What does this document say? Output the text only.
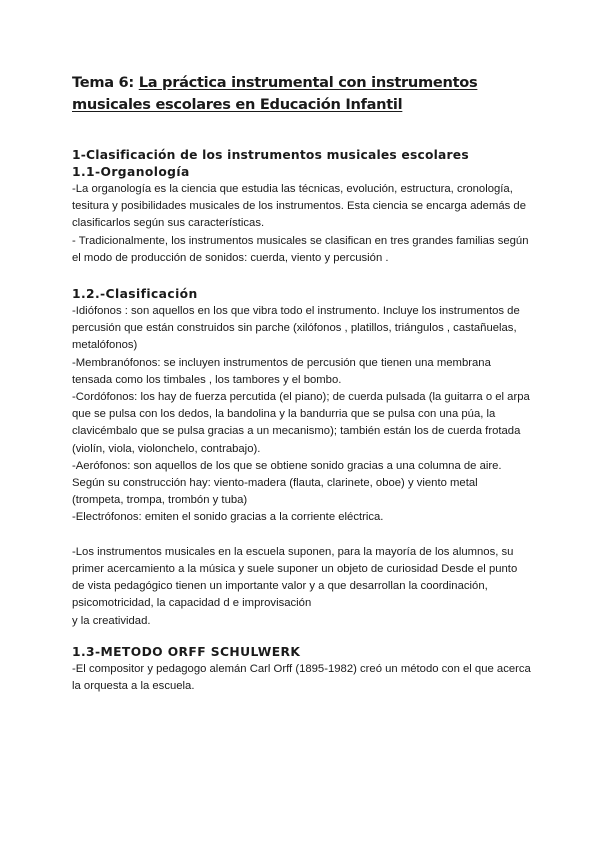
Tema 6: La práctica instrumental con instrumentos musicales escolares en Educación Infantil
1-Clasificación de los instrumentos musicales escolares
1.1-Organología

-La organología es la ciencia que estudia las técnicas, evolución, estructura, cronología, tesitura y posibilidades musicales de los instrumentos. Esta ciencia se encarga además de clasificarlos según sus características.

- Tradicionalmente, los instrumentos musicales se clasifican en tres grandes familias según el modo de producción de sonidos: cuerda, viento y percusión .

1.2.-Clasificación

-Idiófonos : son aquellos en los que vibra todo el instrumento. Incluye los instrumentos de percusión que están construidos sin parche (xilófonos , platillos, triángulos , castañuelas,

metalófonos)

-Membranófonos: se incluyen instrumentos de percusión que tienen una membrana tensada como los timbales , los tambores y el bombo.

-Cordófonos: los hay de fuerza percutida (el piano); de cuerda pulsada (la guitarra o el arpa que se pulsa con los dedos, la bandolina y la bandurria que se pulsa con una púa, la clavicémbalo que se pulsa gracias a un mecanismo); también están los de cuerda frotada (violín, viola, violonchelo, contrabajo).

-Aerófonos: son aquellos de los que se obtiene sonido gracias a una columna de aire. Según su construcción hay: viento-madera (flauta, clarinete, oboe) y viento metal (trompeta, trompa, trombón y tuba)

-Electrófonos: emiten el sonido gracias a la corriente eléctrica.

-Los instrumentos musicales en la escuela suponen, para la mayoría de los alumnos, su primer acercamiento a la música y suele suponer un objeto de curiosidad Desde el punto de vista pedagógico tienen un importante valor y a que desarrollan la coordinación, psicomotricidad, la capacidad d e improvisación

y la creatividad.

1.3-METODO ORFF SCHULWERK

-El compositor y pedagogo alemán Carl Orff (1895-1982) creó un método con el que acerca la orquesta a la escuela.
